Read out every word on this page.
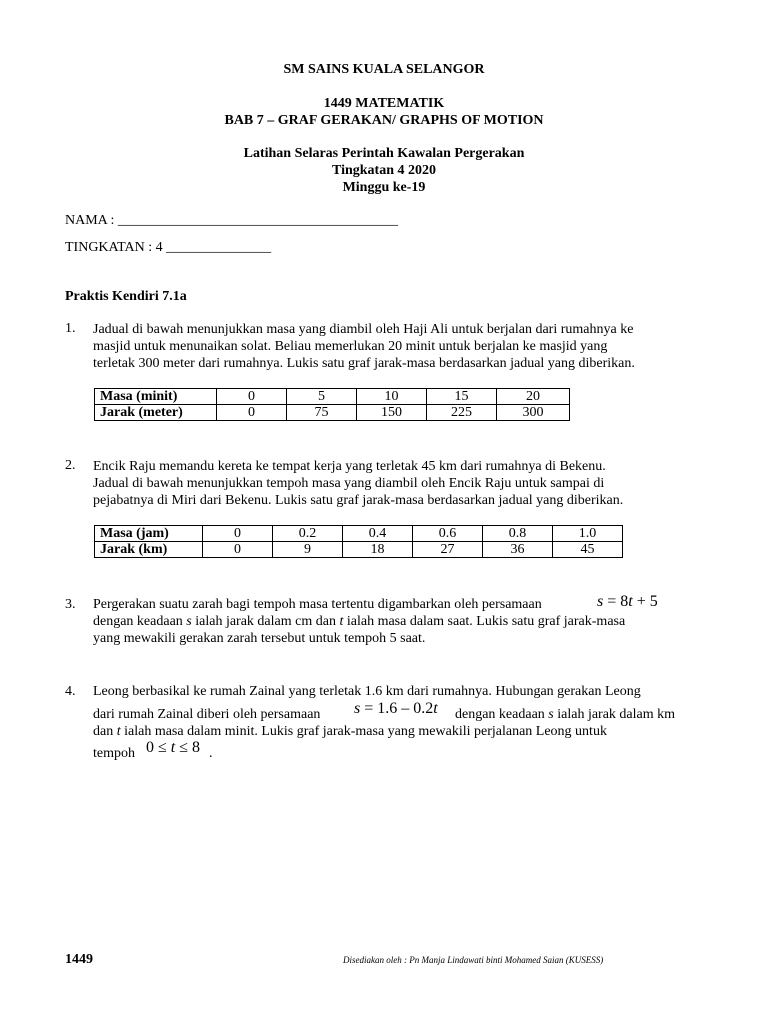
SM SAINS KUALA SELANGOR
1449 MATEMATIK
BAB 7 – GRAF GERAKAN/ GRAPHS OF MOTION
Latihan Selaras Perintah Kawalan Pergerakan
Tingkatan 4 2020
Minggu ke-19
NAMA : ________________________________________
TINGKATAN : 4 _______________
Praktis Kendiri 7.1a
1. Jadual di bawah menunjukkan masa yang diambil oleh Haji Ali untuk berjalan dari rumahnya ke
masjid untuk menunaikan solat. Beliau memerlukan 20 minit untuk berjalan ke masjid yang
terletak 300 meter dari rumahnya. Lukis satu graf jarak-masa berdasarkan jadual yang diberikan.
Masa (minit)	0	5	10	15	20
Jarak (meter)	0	75	150	225	300
2. Encik Raju memandu kereta ke tempat kerja yang terletak 45 km dari rumahnya di Bekenu.
Jadual di bawah menunjukkan tempoh masa yang diambil oleh Encik Raju untuk sampai di
pejabatnya di Miri dari Bekenu. Lukis satu graf jarak-masa berdasarkan jadual yang diberikan.
Masa (jam)	0	0.2	0.4	0.6	0.8	1.0
Jarak (km)	0	9	18	27	36	45
3. Pergerakan suatu zarah bagi tempoh masa tertentu digambarkan oleh persamaan	s = 8t + 5
dengan keadaan s ialah jarak dalam cm dan t ialah masa dalam saat. Lukis satu graf jarak-masa
yang mewakili gerakan zarah tersebut untuk tempoh 5 saat.
4. Leong berbasikal ke rumah Zainal yang terletak 1.6 km dari rumahnya. Hubungan gerakan Leong
dari rumah Zainal diberi oleh persamaan s = 1.6 – 0.2t dengan keadaan s ialah jarak dalam km
dan t ialah masa dalam minit. Lukis graf jarak-masa yang mewakili perjalanan Leong untuk
tempoh 0 ≤ t ≤ 8 .
1449	Disediakan oleh : Pn Manja Lindawati binti Mohamed Saian (KUSESS)
